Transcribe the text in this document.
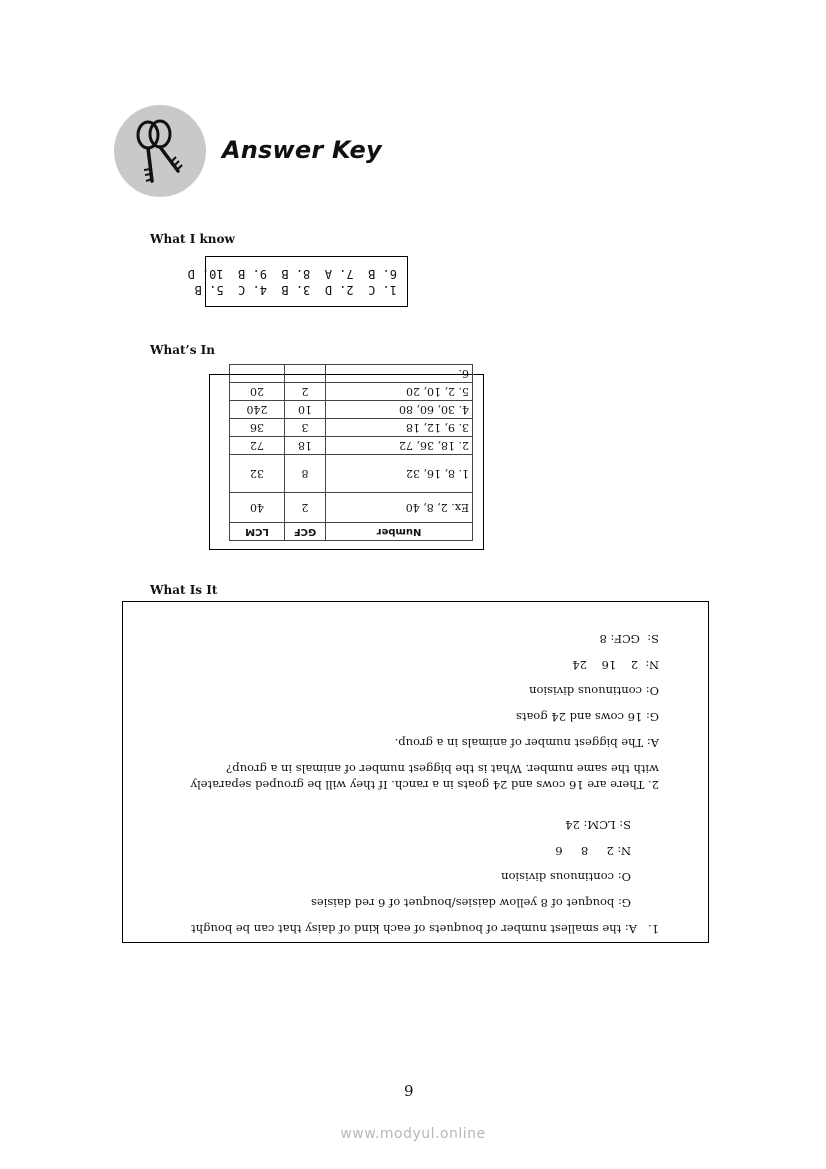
Answer Key
What I know
1. C  2. D  3. B  4. C  5. B
6. B  7. A  8. B  9. B  10. D
What’s In
Number	GCF	LCM
Ex. 2, 8, 40	2	40
1. 8, 16, 32	8	32
2. 18, 36, 72	18	72
3. 9, 12, 18	3	36
4. 30, 60, 80	10	240
5. 2, 10, 20	2	20
6.		
What Is It
1.   A: the smallest number of bouquets of each kind of daisy that can be bought
G: bouquet of 8 yellow daisies/bouquet of 6 red daisies
O: continuous division
N: 2     8     6
S: LCM: 24
2. There are 16 cows and 24 goats in a ranch. If they will be grouped separately
with the same number. What is the biggest number of animals in a group?
A: The biggest number of animals in a group.
G: 16 cows and 24 goats
O: continuous division
N:  2    16    24
S:  GCF: 8
9
www.modyul.online
